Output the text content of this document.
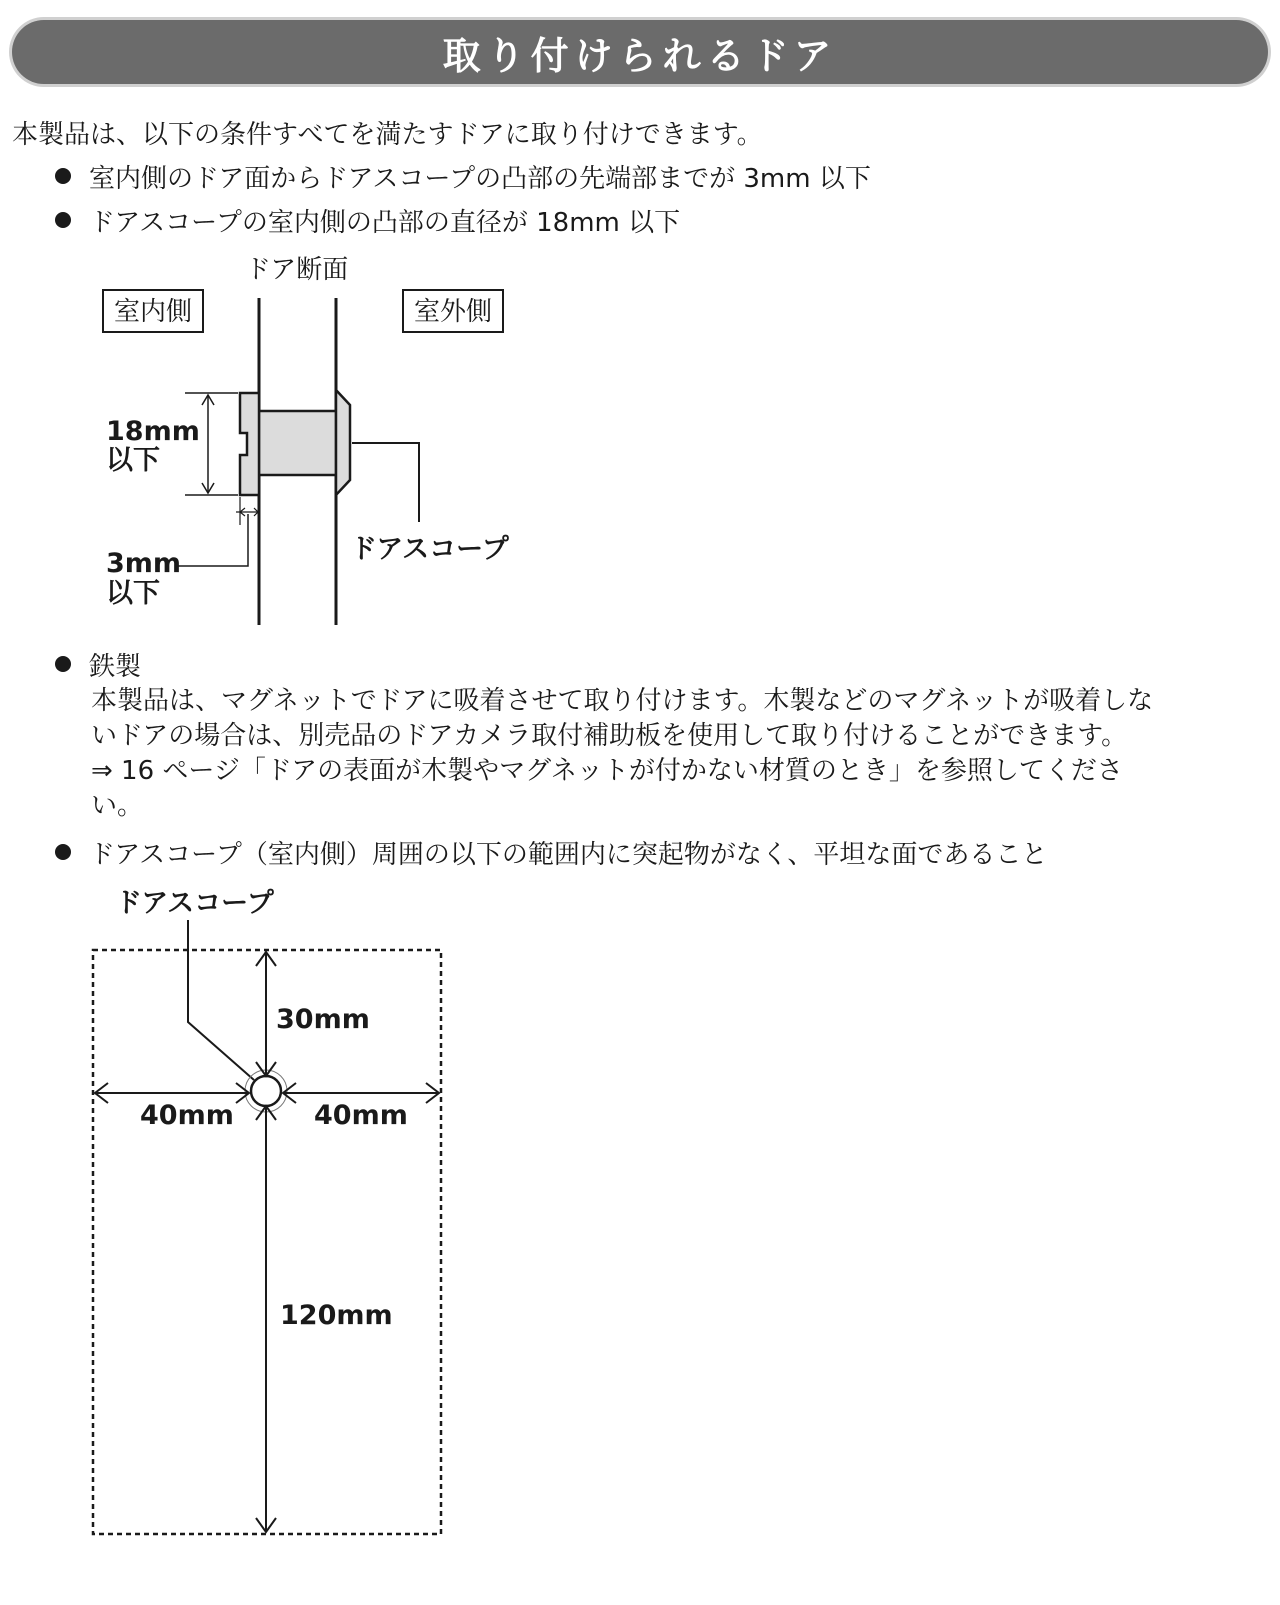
取り付けられるドア
本製品は、以下の条件すべてを満たすドアに取り付けできます。
室内側のドア面からドアスコープの凸部の先端部までが 3mm 以下
ドアスコープの室内側の凸部の直径が 18mm 以下
ドア断面
室内側	室外側
18mm
以下
3mm
以下
ドアスコープ
鉄製
本製品は、マグネットでドアに吸着させて取り付けます。木製などのマグネットが吸着しな
いドアの場合は、別売品のドアカメラ取付補助板を使用して取り付けることができます。
⇒ 16 ページ「ドアの表面が木製やマグネットが付かない材質のとき」を参照してくださ
い。
ドアスコープ（室内側）周囲の以下の範囲内に突起物がなく、平坦な面であること
ドアスコープ
30mm
40mm	40mm
120mm
